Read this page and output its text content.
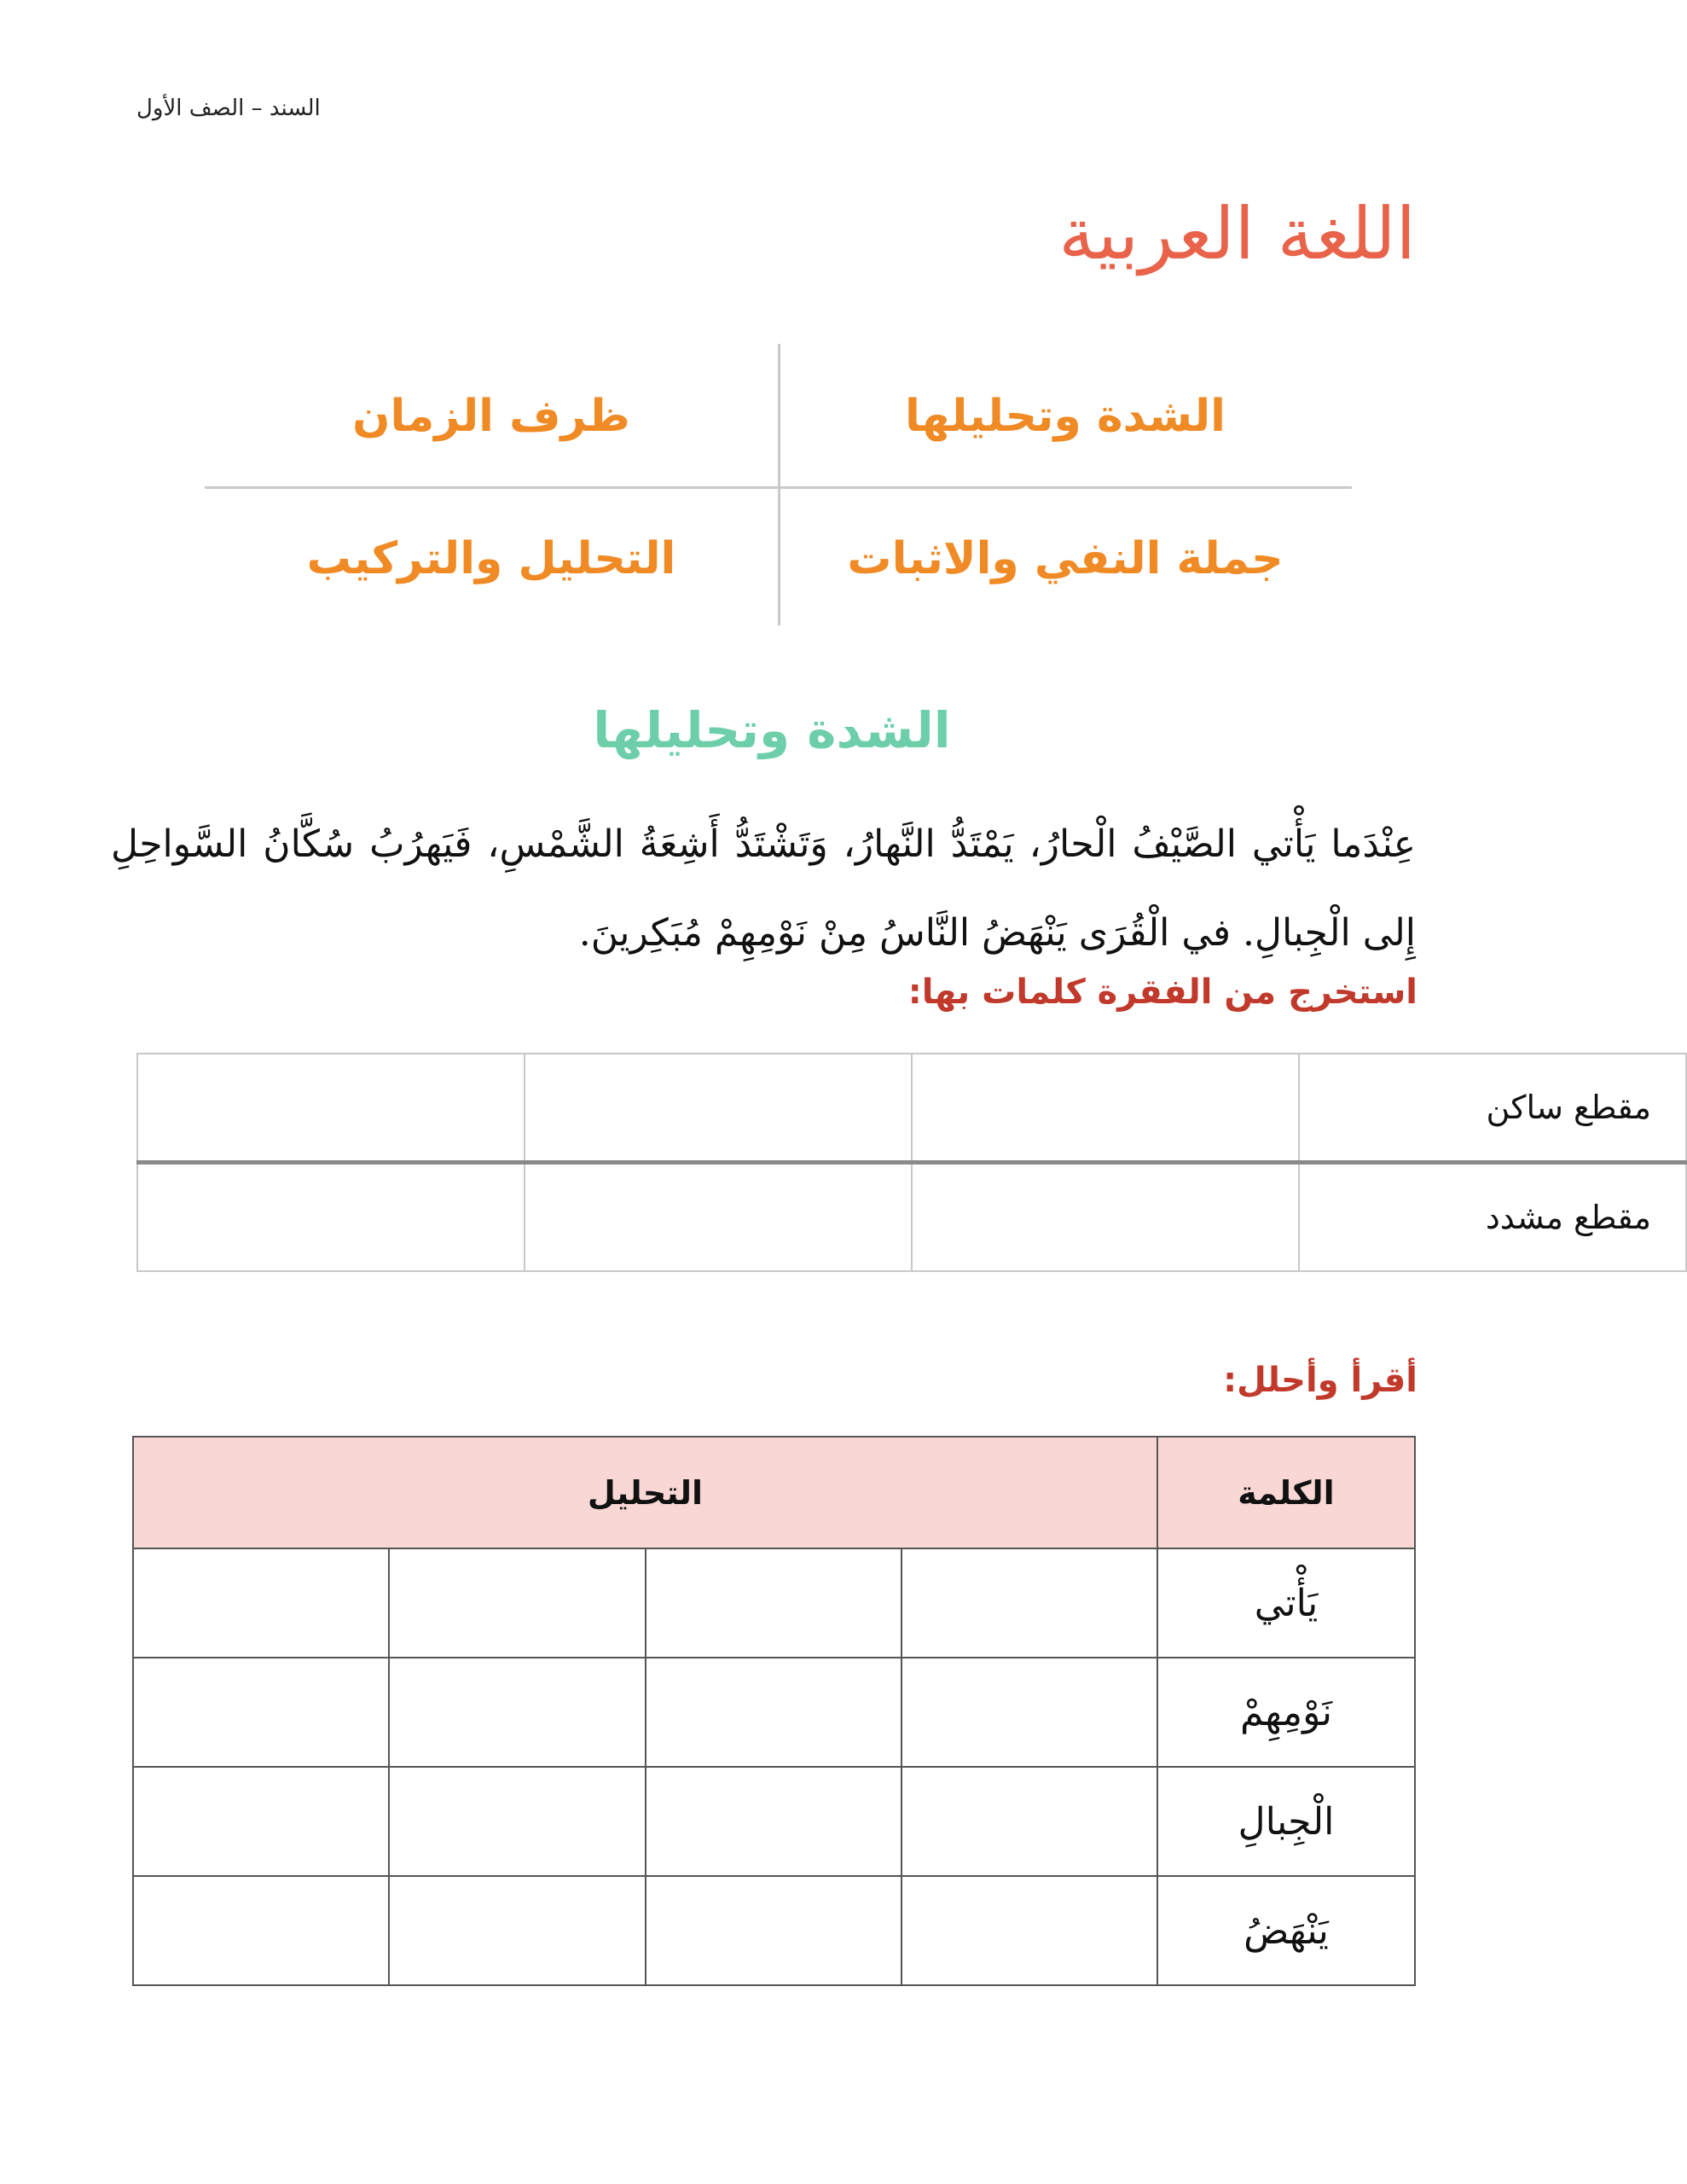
السند – الصف الأول
اللغة العربية
الشدة وتحليلها
ظرف الزمان
جملة النفي والاثبات
التحليل والتركيب
الشدة وتحليلها
عِنْدَما يَأْتي الصَّيْفُ الْحارُ، يَمْتَدُّ النَّهارُ، وَتَشْتَدُّ أَشِعَةُ الشَّمْسِ، فَيَهرُبُ سُكَّانُ السَّواحِلِ إِلى الْجِبالِ. في الْقُرَى يَنْهَضُ النَّاسُ مِنْ نَوْمِهِمْ مُبَكِرينَ.
استخرج من الفقرة كلمات بها:
مقطع ساكن			
مقطع مشدد			
أقرأ وأحلل:
الكلمة	التحليل			
يَأْتي				
نَوْمِهِمْ				
الْجِبالِ				
يَنْهَضُ				
